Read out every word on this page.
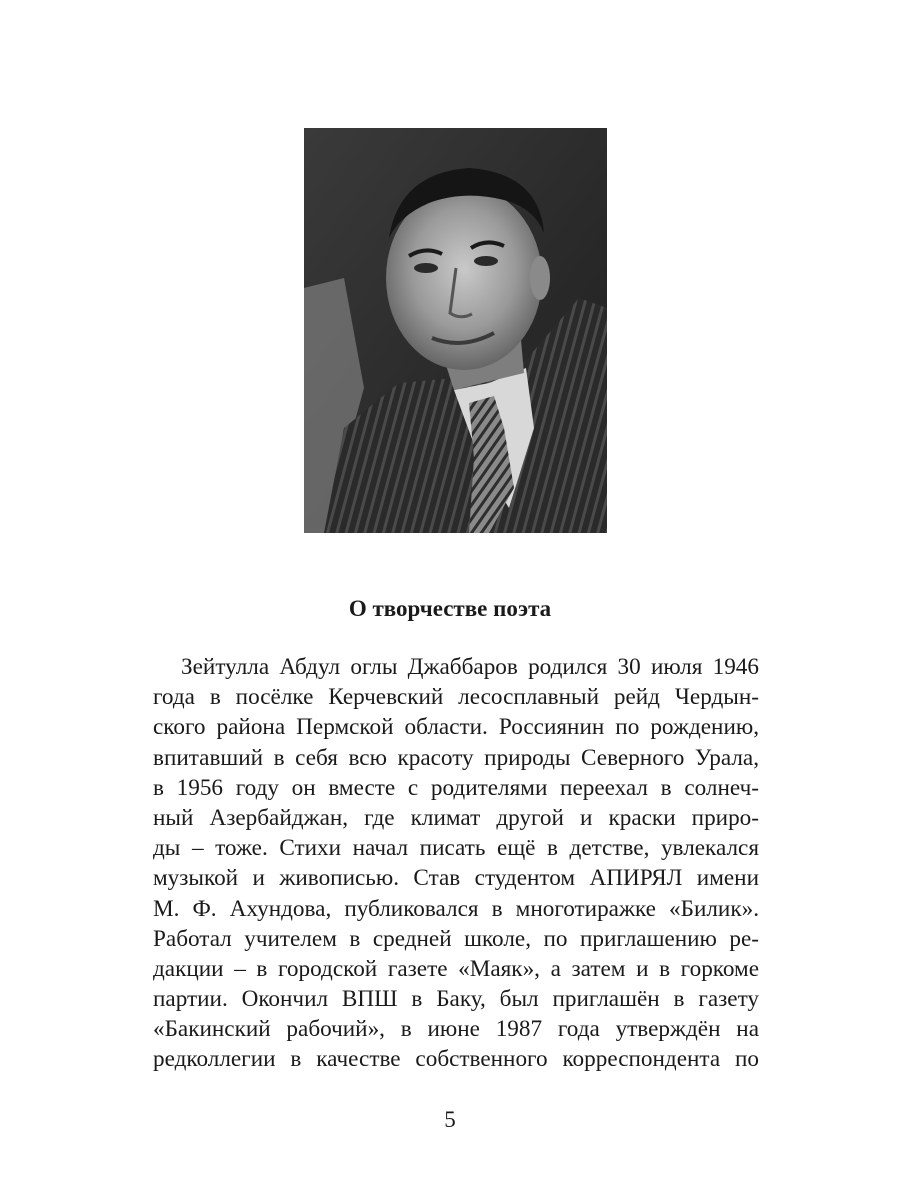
О творчестве поэта
Зейтулла Абдул оглы Джаббаров родился 30 июля 1946
года в посёлке Керчевский лесосплавный рейд Чердын-
ского района Пермской области. Россиянин по рождению,
впитавший в себя всю красоту природы Северного Урала,
в 1956 году он вместе с родителями переехал в солнеч-
ный Азербайджан, где климат другой и краски приро-
ды – тоже. Стихи начал писать ещё в детстве, увлекался
музыкой и живописью. Став студентом АПИРЯЛ имени
М. Ф. Ахундова, публиковался в многотиражке «Билик».
Работал учителем в средней школе, по приглашению ре-
дакции – в городской газете «Маяк», а затем и в горкоме
партии. Окончил ВПШ в Баку, был приглашён в газету
«Бакинский рабочий», в июне 1987 года утверждён на
редколлегии в качестве собственного корреспондента по

5
